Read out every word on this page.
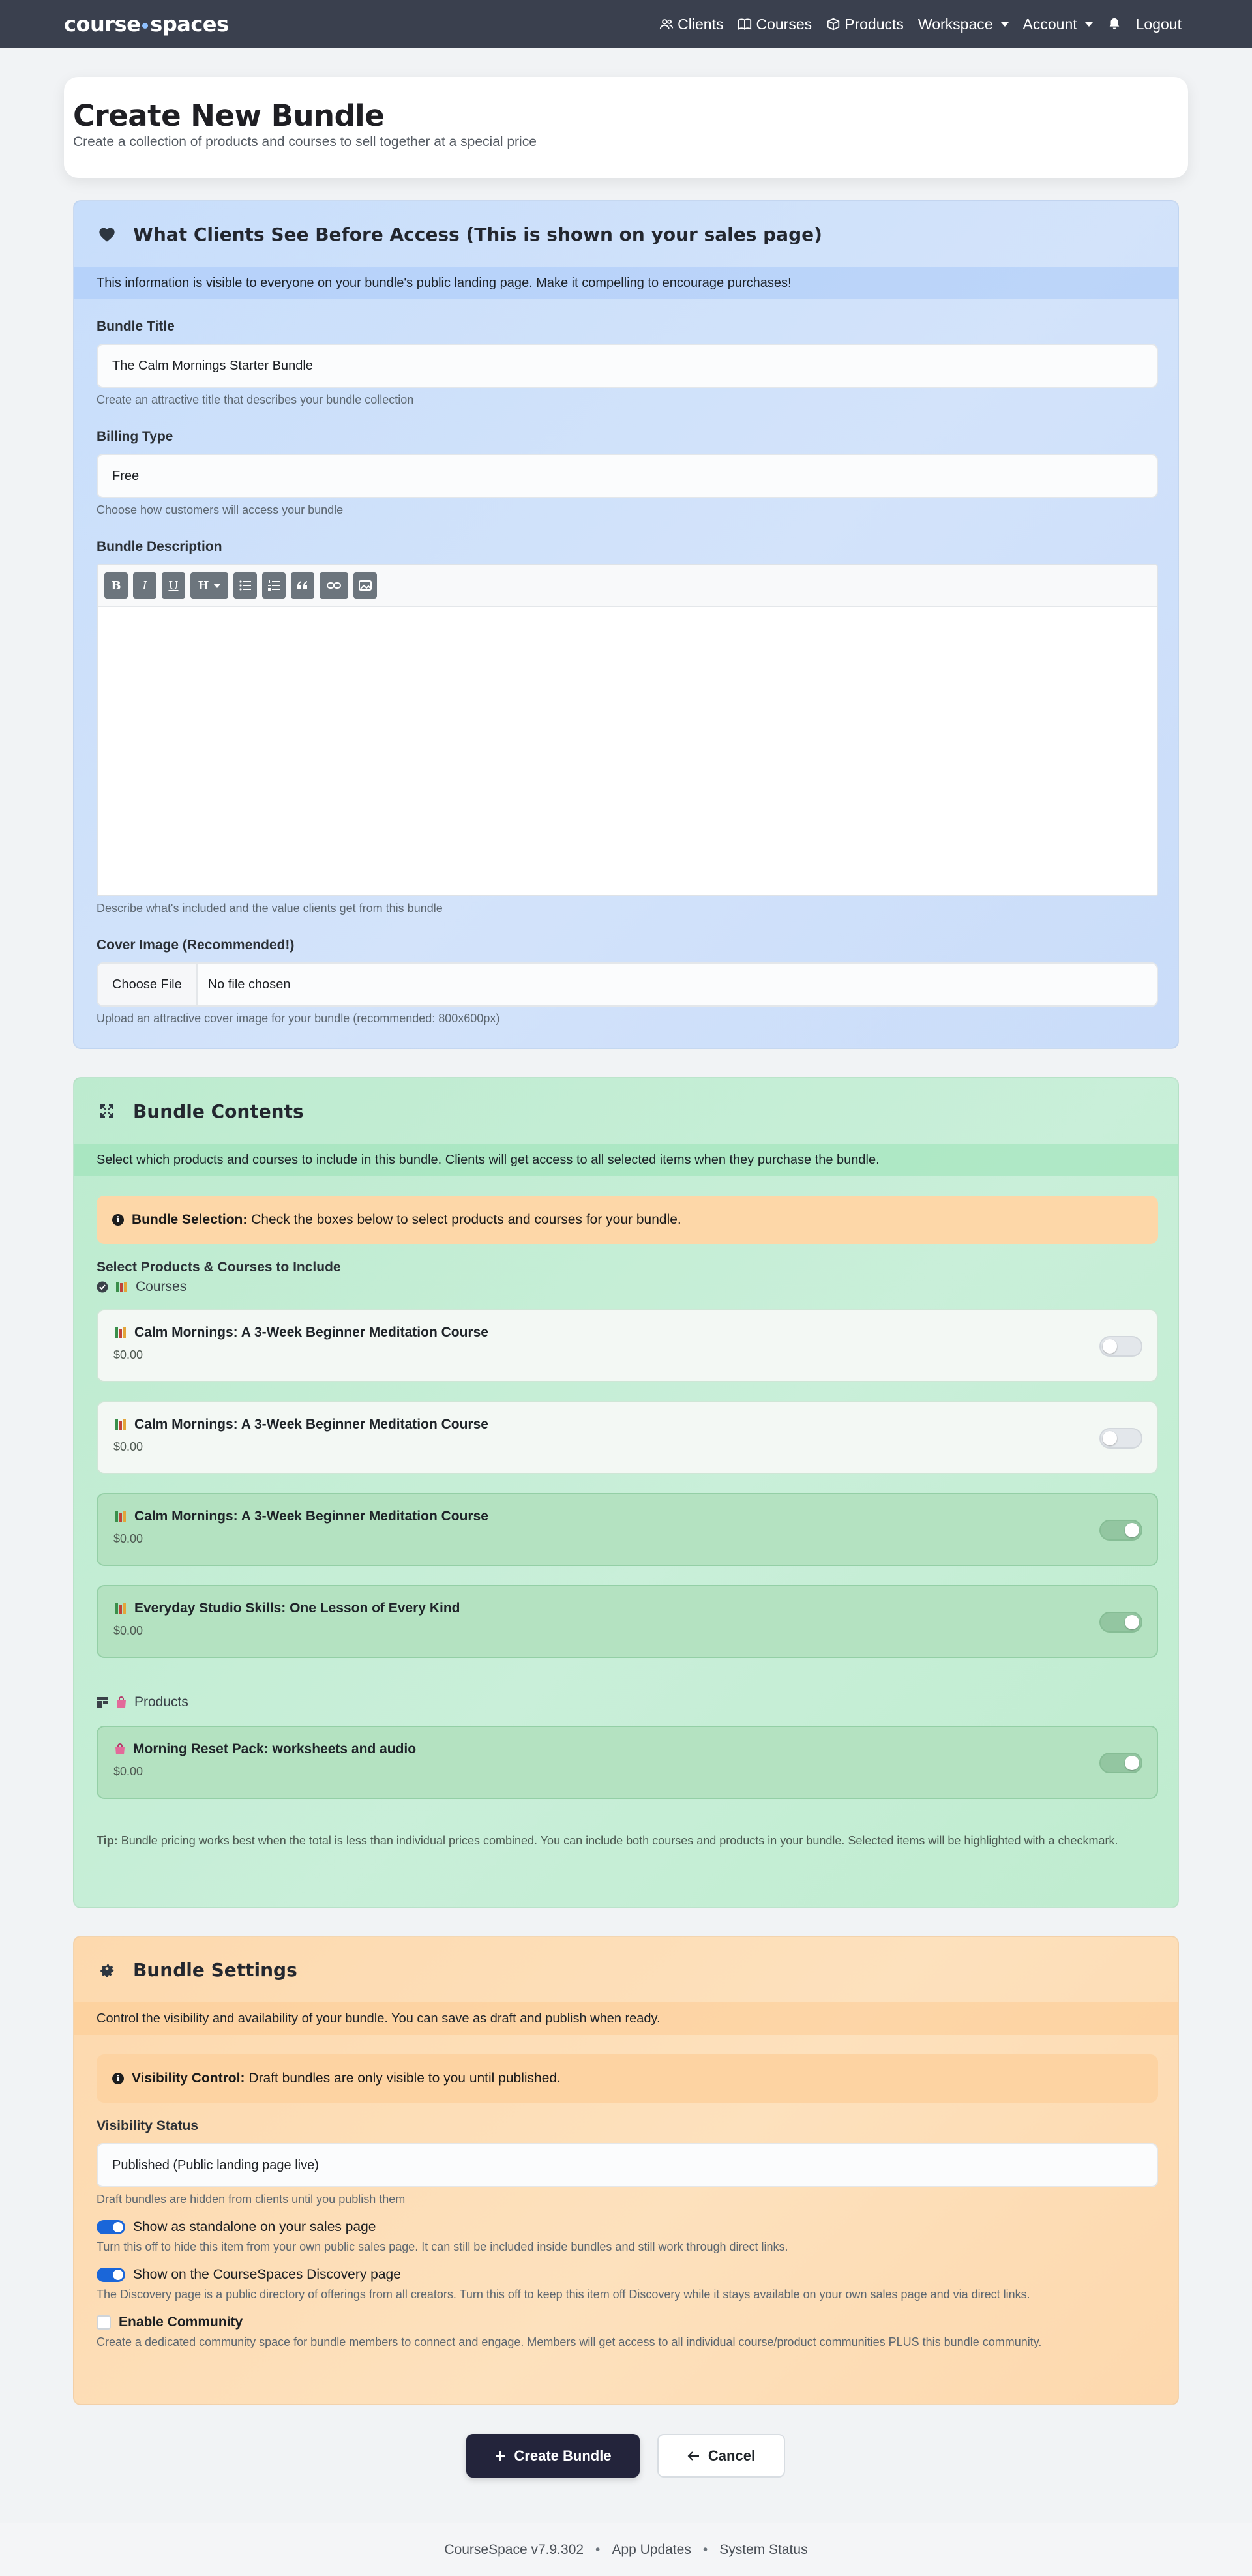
course spaces	Clients Courses Products Workspace Account	Logout
Create New Bundle

Create a collection of products and courses to sell together at a special price

What Clients See Before Access (This is shown on your sales page)
This information is visible to everyone on your bundle's public landing page. Make it compelling to encourage purchases!
Bundle Title
The Calm Mornings Starter Bundle
Create an attractive title that describes your bundle collection
Billing Type
Free
Choose how customers will access your bundle
Bundle Description
B	I	U	H
Describe what's included and the value clients get from this bundle
Cover Image (Recommended!)
Choose File	No file chosen
Upload an attractive cover image for your bundle (recommended: 800x600px)
Bundle Contents
Select which products and courses to include in this bundle. Clients will get access to all selected items when they purchase the bundle.
i Bundle Selection: Check the boxes below to select products and courses for your bundle.
Select Products & Courses to Include
Courses
Calm Mornings: A 3-Week Beginner Meditation Course
$0.00
Calm Mornings: A 3-Week Beginner Meditation Course
$0.00
Calm Mornings: A 3-Week Beginner Meditation Course
$0.00
Everyday Studio Skills: One Lesson of Every Kind
$0.00
Products
Morning Reset Pack: worksheets and audio
$0.00
Tip: Bundle pricing works best when the total is less than individual prices combined. You can include both courses and products in your bundle. Selected items will be highlighted with a checkmark.
Bundle Settings
Control the visibility and availability of your bundle. You can save as draft and publish when ready.
i Visibility Control: Draft bundles are only visible to you until published.
Visibility Status
Published (Public landing page live)
Draft bundles are hidden from clients until you publish them
Show as standalone on your sales page
Turn this off to hide this item from your own public sales page. It can still be included inside bundles and still work through direct links.
Show on the CourseSpaces Discovery page
The Discovery page is a public directory of offerings from all creators. Turn this off to keep this item off Discovery while it stays available on your own sales page and via direct links.
Enable Community
Create a dedicated community space for bundle members to connect and engage. Members will get access to all individual course/product communities PLUS this bundle community.
Create Bundle	Cancel
CourseSpace v7.9.302 • App Updates • System Status
